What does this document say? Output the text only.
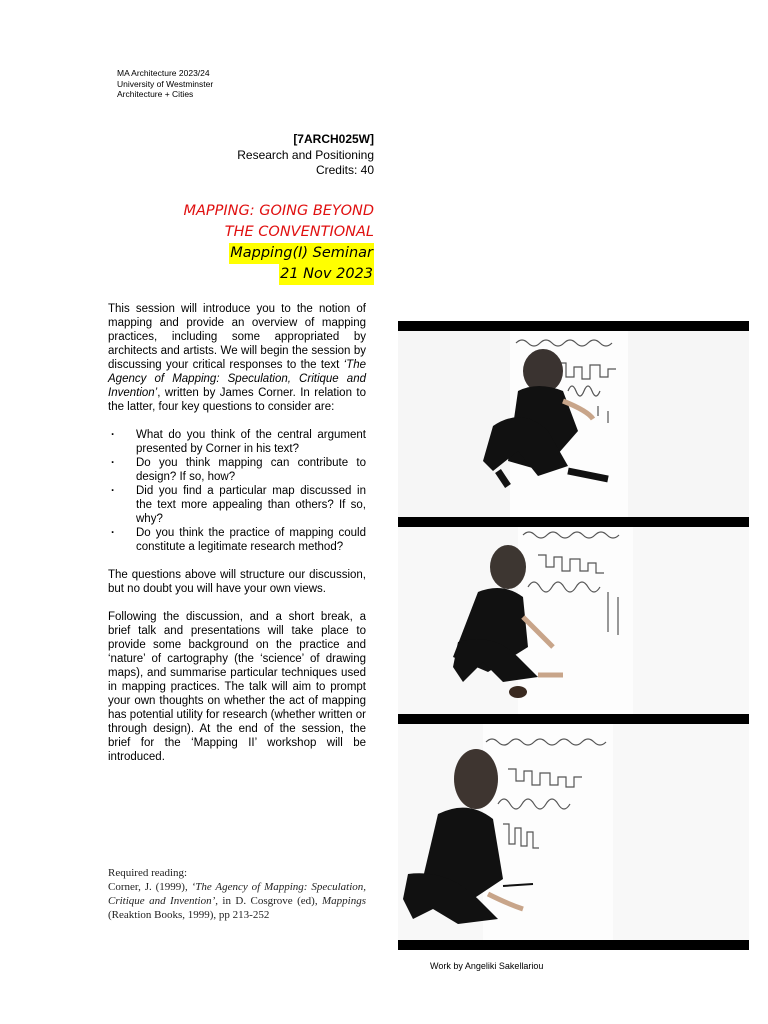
MA Architecture 2023/24
University of Westminster
Architecture + Cities
[7ARCH025W]
Research and Positioning
Credits: 40
MAPPING: GOING BEYOND
THE CONVENTIONAL
Mapping(I) Seminar
21 Nov 2023

This session will introduce you to the notion of mapping and provide an overview of mapping practices, including some appropriated by architects and artists. We will begin the session by discussing your critical responses to the text ‘The Agency of Mapping: Speculation, Critique and Invention’, written by James Corner. In relation to the latter, four key questions to consider are:

· What do you think of the central argument presented by Corner in his text?
· Do you think mapping can contribute to design? If so, how?
· Did you find a particular map discussed in the text more appealing than others? If so, why?
· Do you think the practice of mapping could constitute a legitimate research method?

The questions above will structure our discussion, but no doubt you will have your own views.

Following the discussion, and a short break, a brief talk and presentations will take place to provide some background on the practice and ‘nature’ of cartography (the ‘science’ of drawing maps), and summarise particular techniques used in mapping practices. The talk will aim to prompt your own thoughts on whether the act of mapping has potential utility for research (whether written or through design). At the end of the session, the brief for the ‘Mapping II’ workshop will be introduced.

Required reading:
Corner, J. (1999), ‘The Agency of Mapping: Speculation, Critique and Invention’, in D. Cosgrove (ed), Mappings (Reaktion Books, 1999), pp 213-252
Work by Angeliki Sakellariou
